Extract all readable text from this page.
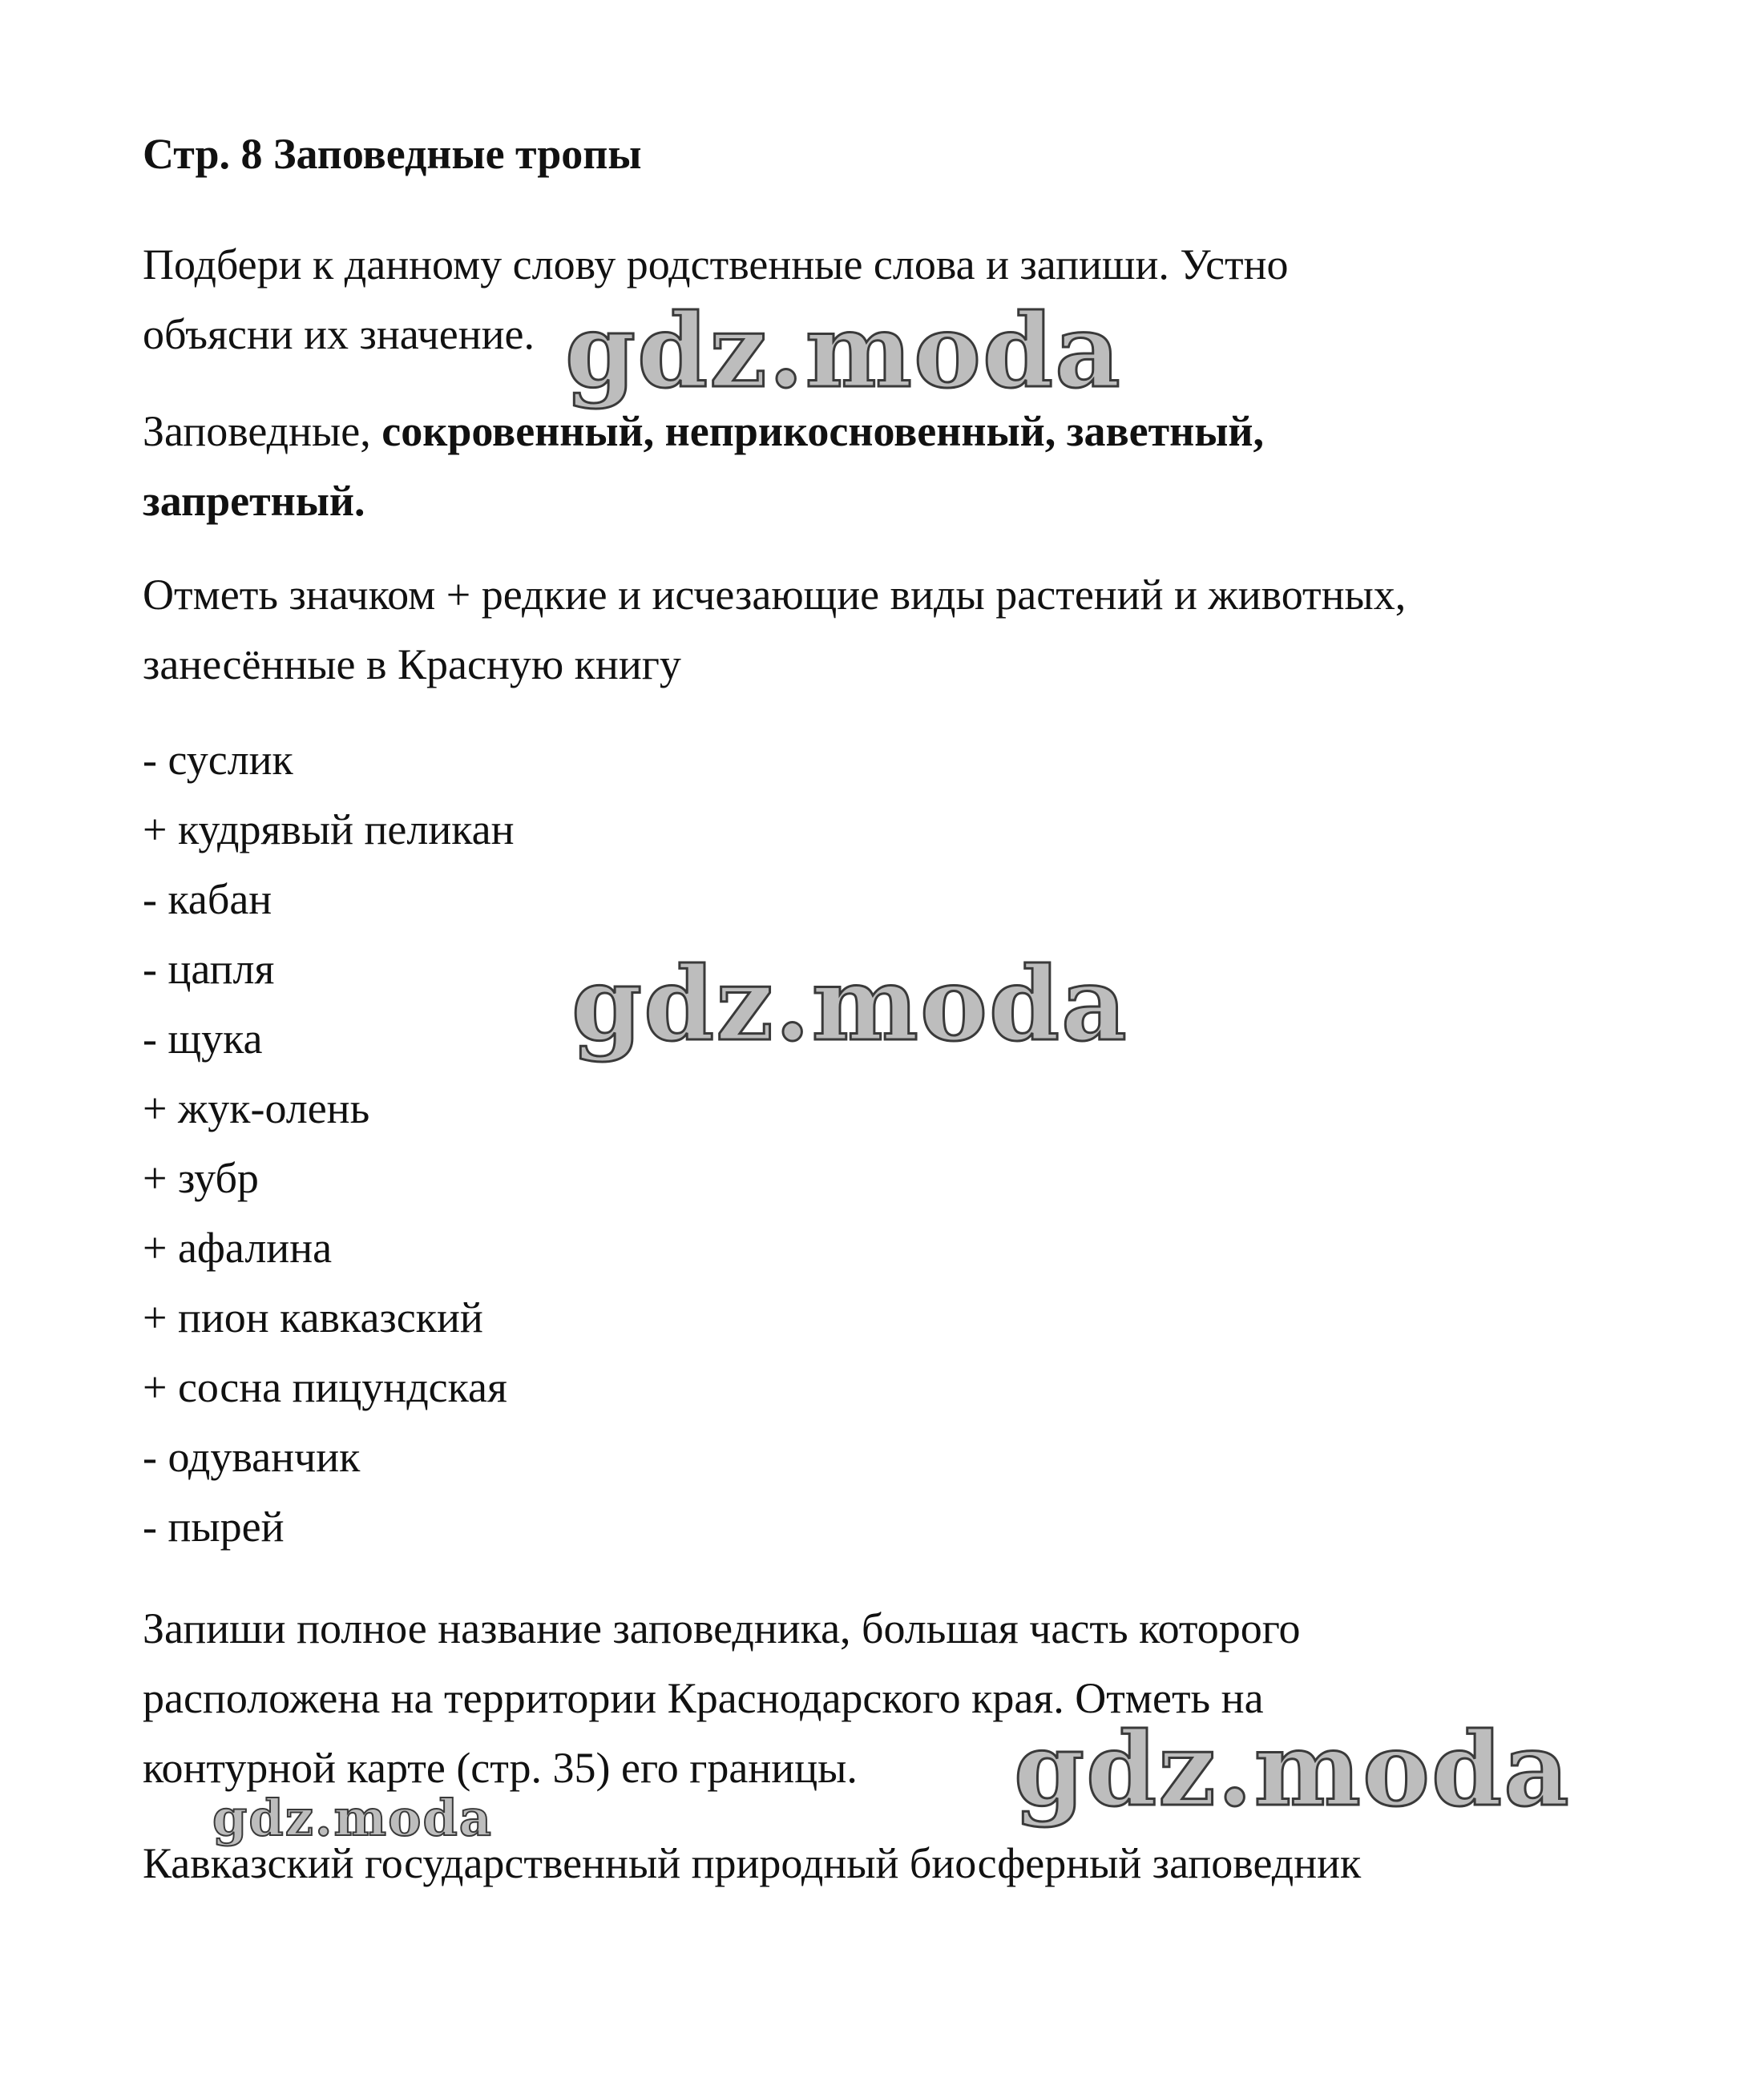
Стр. 8 Заповедные тропы
Подбери к данному слову родственные слова и запиши. Устно
объясни их значение.
Заповедные, сокровенный, неприкосновенный, заветный,
запретный.
Отметь значком + редкие и исчезающие виды растений и животных,
занесённые в Красную книгу
- суслик
+ кудрявый пеликан
- кабан
- цапля
- щука
+ жук-олень
+ зубр
+ афалина
+ пион кавказский
+ сосна пицундская
- одуванчик
- пырей
Запиши полное название заповедника, большая часть которого
расположена на территории Краснодарского края. Отметь на
контурной карте (стр. 35) его границы.
Кавказский государственный природный биосферный заповедник
gdz.moda
gdz.moda
gdz.moda
gdz.moda
